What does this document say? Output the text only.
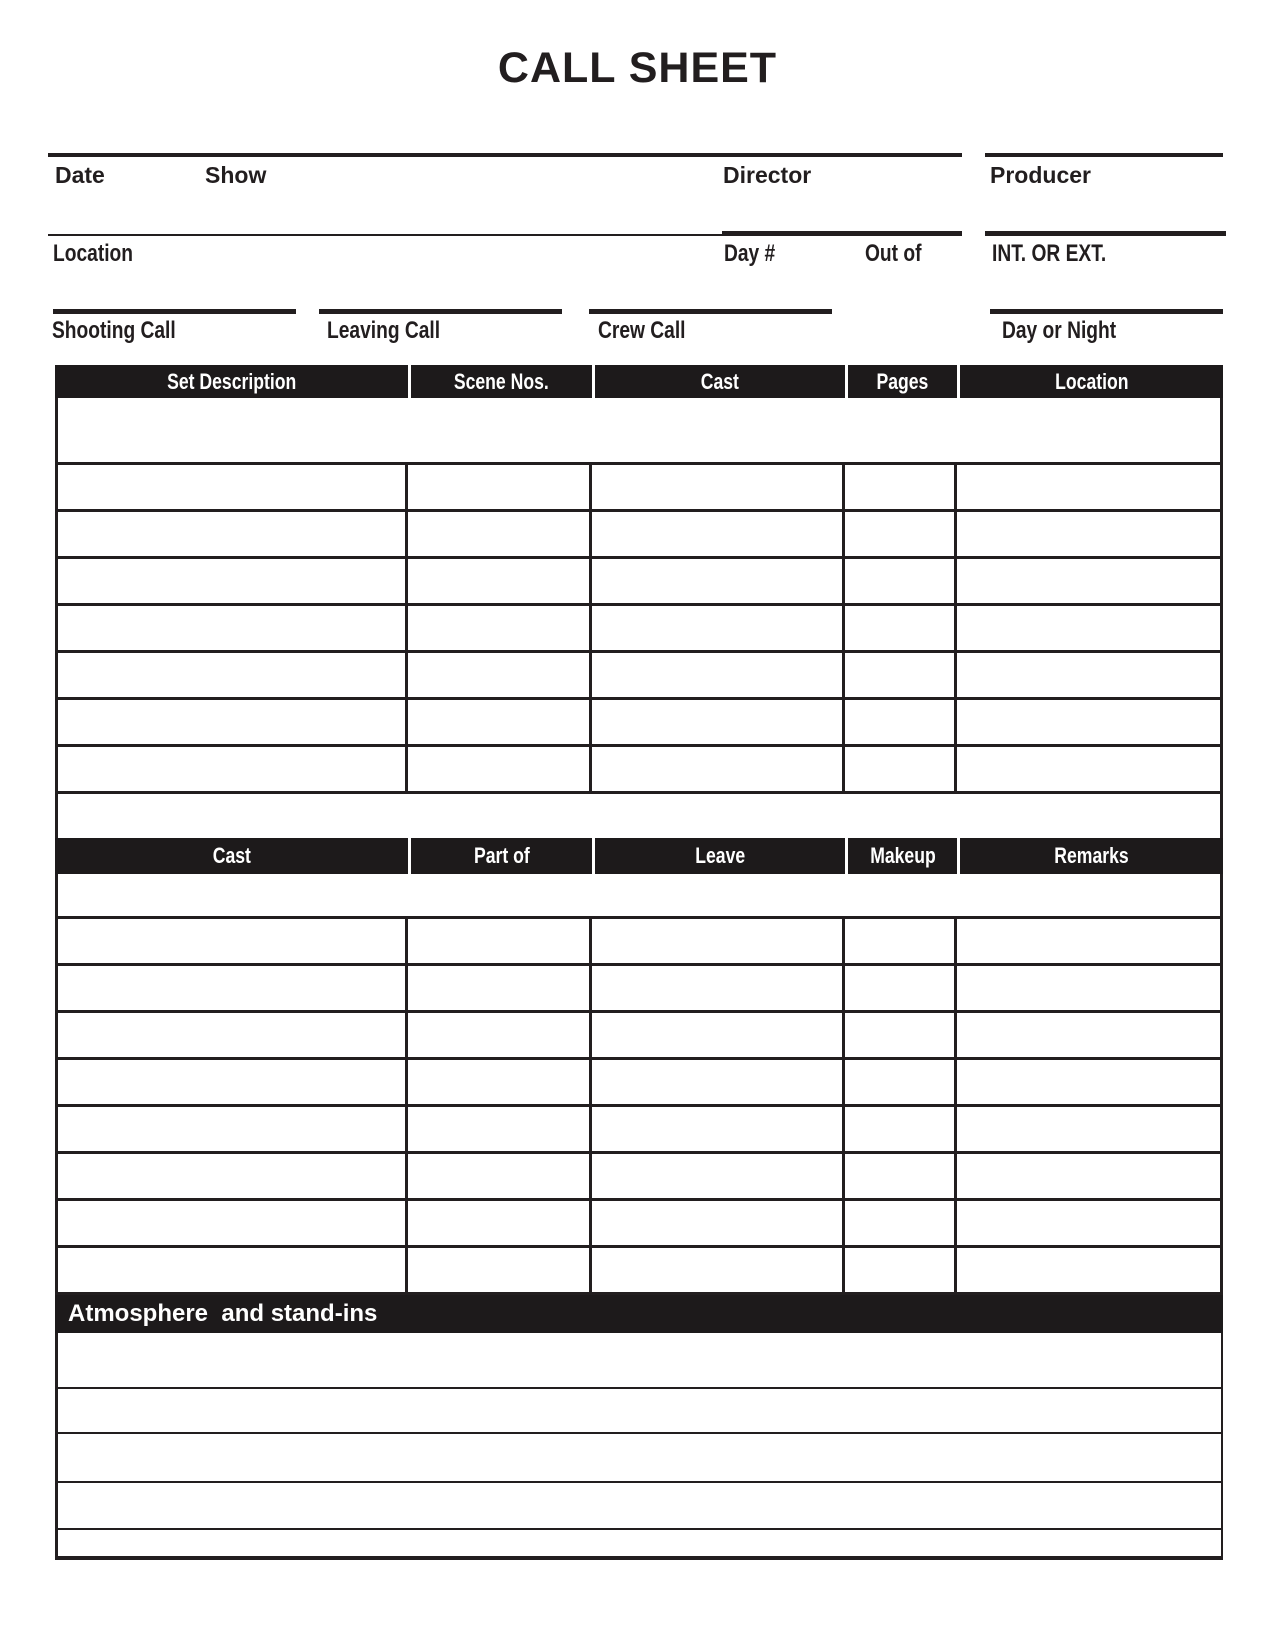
CALL SHEET
Date	Show	Director	Producer
Location	Day #	Out of	INT. OR EXT.
Shooting Call	Leaving Call	Crew Call	Day or Night
Set Description	Scene Nos.	Cast	Pages	Location
Cast	Part of	Leave	Makeup	Remarks
Atmosphere  and stand-ins
